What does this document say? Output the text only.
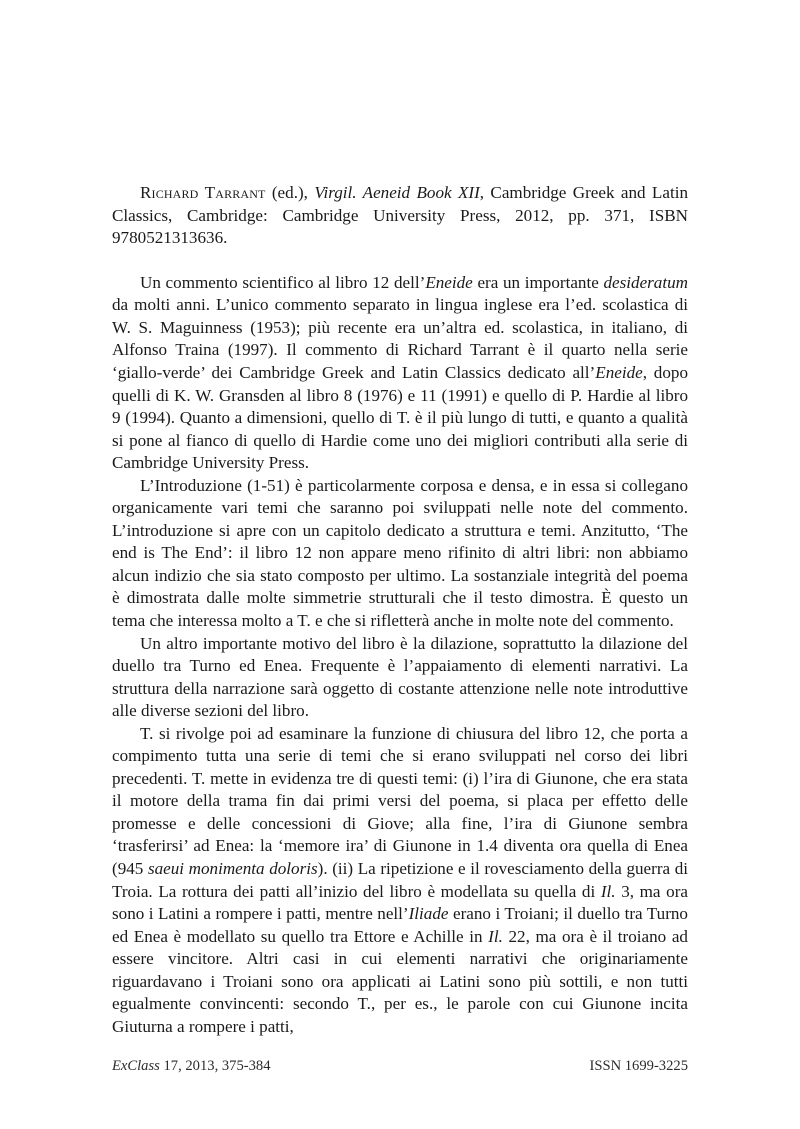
Richard Tarrant (ed.), Virgil. Aeneid Book XII, Cambridge Greek and Latin Classics, Cambridge: Cambridge University Press, 2012, pp. 371, ISBN 9780521313636.

Un commento scientifico al libro 12 dell’Eneide era un importante desideratum da molti anni. L’unico commento separato in lingua inglese era l’ed. scolastica di W. S. Maguinness (1953); più recente era un’altra ed. scolastica, in italiano, di Alfonso Traina (1997). Il commento di Richard Tarrant è il quarto nella serie ‘giallo-verde’ dei Cambridge Greek and Latin Classics dedicato all’Eneide, dopo quelli di K. W. Gransden al libro 8 (1976) e 11 (1991) e quello di P. Hardie al libro 9 (1994). Quanto a dimensioni, quello di T. è il più lungo di tutti, e quanto a qualità si pone al fianco di quello di Hardie come uno dei migliori contributi alla serie di Cambridge University Press.

L’Introduzione (1-51) è particolarmente corposa e densa, e in essa si collegano organicamente vari temi che saranno poi sviluppati nelle note del commento. L’introduzione si apre con un capitolo dedicato a struttura e temi. Anzitutto, ‘The end is The End’: il libro 12 non appare meno rifinito di altri libri: non abbiamo alcun indizio che sia stato composto per ultimo. La sostanziale integrità del poema è dimostrata dalle molte simmetrie strutturali che il testo dimostra. È questo un tema che interessa molto a T. e che si rifletterà anche in molte note del commento.

Un altro importante motivo del libro è la dilazione, soprattutto la dilazione del duello tra Turno ed Enea. Frequente è l’appaiamento di elementi narrativi. La struttura della narrazione sarà oggetto di costante attenzione nelle note introduttive alle diverse sezioni del libro.

T. si rivolge poi ad esaminare la funzione di chiusura del libro 12, che porta a compimento tutta una serie di temi che si erano sviluppati nel corso dei libri precedenti. T. mette in evidenza tre di questi temi: (i) l’ira di Giunone, che era stata il motore della trama fin dai primi versi del poema, si placa per effetto delle promesse e delle concessioni di Giove; alla fine, l’ira di Giunone sembra ‘trasferirsi’ ad Enea: la ‘memore ira’ di Giunone in 1.4 diventa ora quella di Enea (945 saeui monimenta doloris). (ii) La ripetizione e il rovesciamento della guerra di Troia. La rottura dei patti all’inizio del libro è modellata su quella di Il. 3, ma ora sono i Latini a rompere i patti, mentre nell’Iliade erano i Troiani; il duello tra Turno ed Enea è modellato su quello tra Ettore e Achille in Il. 22, ma ora è il troiano ad essere vincitore. Altri casi in cui elementi narrativi che originariamente riguardavano i Troiani sono ora applicati ai Latini sono più sottili, e non tutti egualmente convincenti: secondo T., per es., le parole con cui Giunone incita Giuturna a rompere i patti,

ExClass 17, 2013, 375-384	ISSN 1699-3225
